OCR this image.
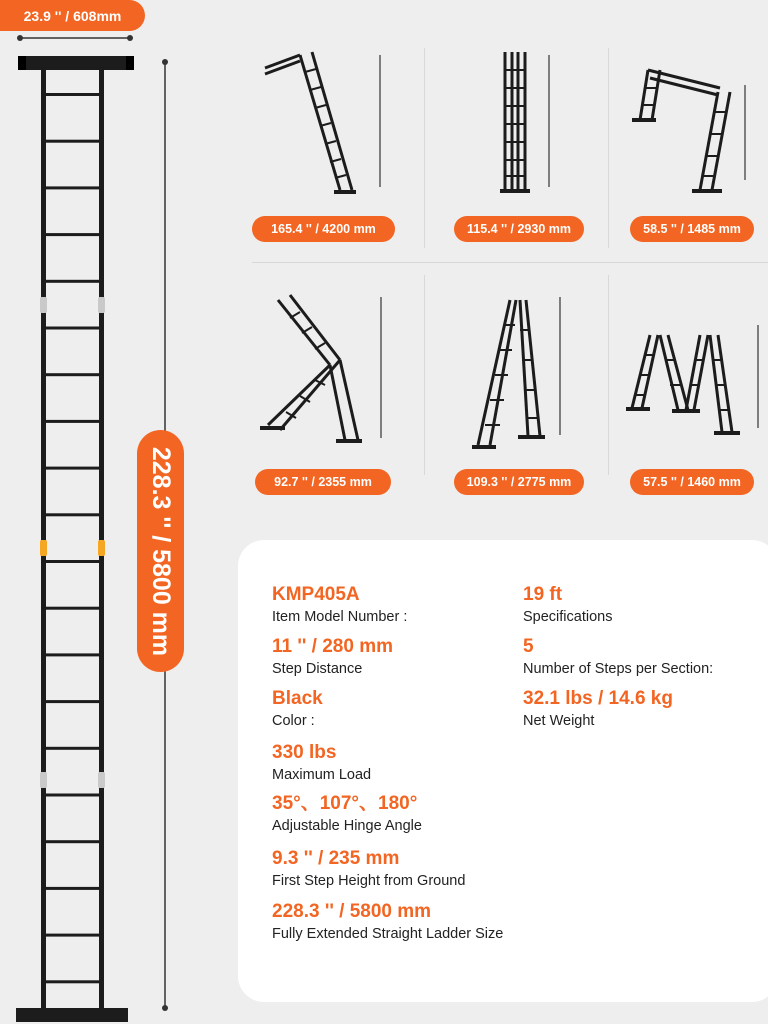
23.9 '' / 608mm
228.3 '' / 5800 mm
165.4 '' / 4200 mm	115.4 '' / 2930 mm	58.5 '' / 1485 mm
92.7 '' / 2355 mm	109.3 '' / 2775 mm	57.5 '' / 1460 mm
KMP405A
Item Model Number :
11 '' / 280 mm
Step Distance
Black
Color :
330 lbs
Maximum Load
35°、107°、180°
Adjustable Hinge Angle
9.3 '' / 235 mm
First Step Height from Ground
228.3 '' / 5800 mm
Fully Extended Straight Ladder Size
19 ft
Specifications
5
Number of Steps per Section:
32.1 lbs / 14.6 kg
Net Weight
